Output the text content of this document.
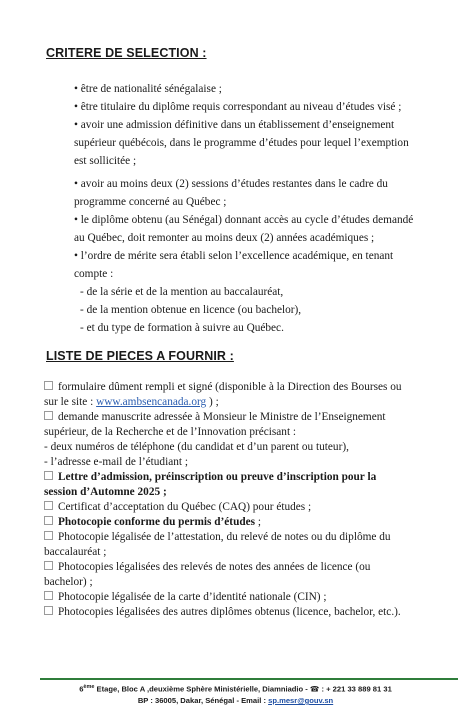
CRITERE DE SELECTION :

• être de nationalité sénégalaise ;

• être titulaire du diplôme requis correspondant au niveau d’études visé ;

• avoir une admission définitive dans un établissement d’enseignement

supérieur québécois, dans le programme d’études pour lequel l’exemption

est sollicitée ;

• avoir au moins deux (2) sessions d’études restantes dans le cadre du

programme concerné au Québec ;

• le diplôme obtenu (au Sénégal) donnant accès au cycle d’études demandé

au Québec, doit remonter au moins deux (2) années académiques ;

• l’ordre de mérite sera établi selon l’excellence académique, en tenant

compte :

- de la série et de la mention au baccalauréat,

- de la mention obtenue en licence (ou bachelor),

- et du type de formation à suivre au Québec.

LISTE DE PIECES A FOURNIR :

formulaire dûment rempli et signé (disponible à la Direction des Bourses ou

sur le site : www.ambsencanada.org ) ;

demande manuscrite adressée à Monsieur le Ministre de l’Enseignement

supérieur, de la Recherche et de l’Innovation précisant :

- deux numéros de téléphone (du candidat et d’un parent ou tuteur),

- l’adresse e-mail de l’étudiant ;

Lettre d’admission, préinscription ou preuve d’inscription pour la

session d’Automne 2025 ;

Certificat d’acceptation du Québec (CAQ) pour études ;

Photocopie conforme du permis d’études ;

Photocopie légalisée de l’attestation, du relevé de notes ou du diplôme du

baccalauréat ;

Photocopies légalisées des relevés de notes des années de licence (ou

bachelor) ;

Photocopie légalisée de la carte d’identité nationale (CIN) ;

Photocopies légalisées des autres diplômes obtenus (licence, bachelor, etc.).

6ème Etage, Bloc A ,deuxième Sphère Ministérielle, Diamniadio - ☎ : + 221 33 889 81 31

BP : 36005, Dakar, Sénégal - Email : sp.mesr@gouv.sn
